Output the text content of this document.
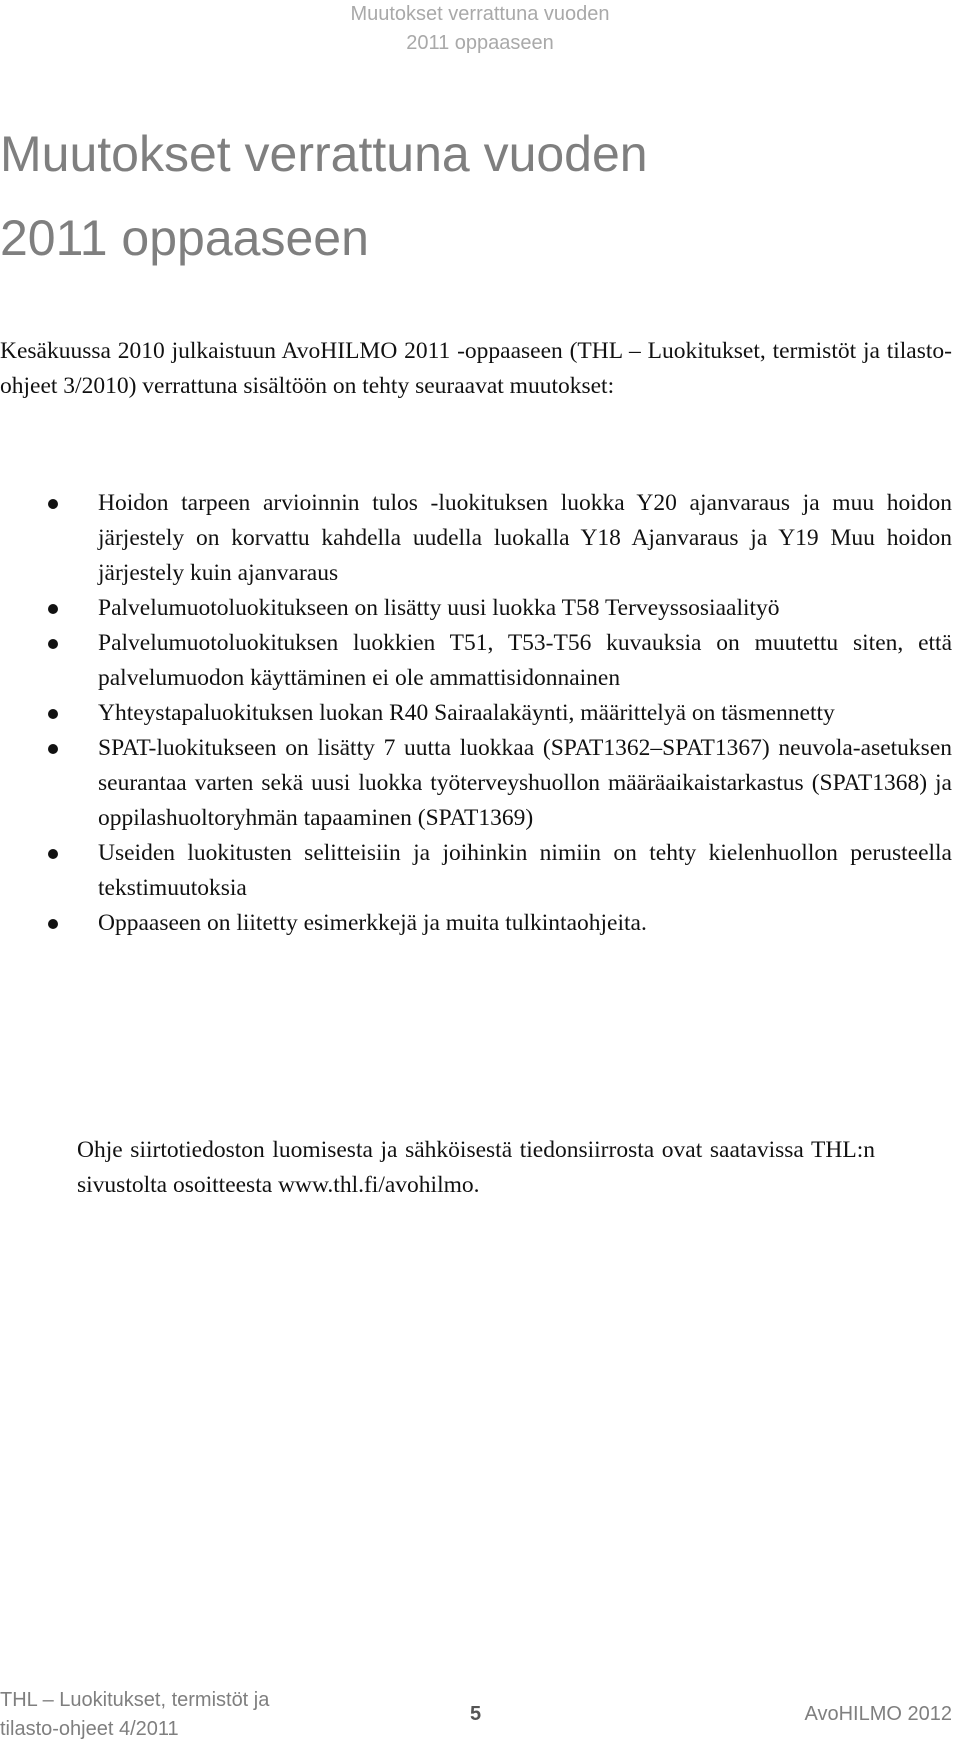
Muutokset verrattuna vuoden
2011 oppaaseen
Muutokset verrattuna vuoden
2011 oppaaseen

Kesäkuussa 2010 julkaistuun AvoHILMO 2011 -oppaaseen (THL – Luokitukset, termistöt ja tilasto-ohjeet 3/2010) verrattuna sisältöön on tehty seuraavat muutokset:

Hoidon tarpeen arvioinnin tulos -luokituksen luokka Y20 ajanvaraus ja muu hoidon järjestely on korvattu kahdella uudella luokalla Y18 Ajanvaraus ja Y19 Muu hoidon järjestely kuin ajanvaraus
Palvelumuotoluokitukseen on lisätty uusi luokka T58 Terveyssosiaalityö
Palvelumuotoluokituksen luokkien T51, T53-T56 kuvauksia on muutettu siten, että palvelumuodon käyttäminen ei ole ammattisidonnainen
Yhteystapaluokituksen luokan R40 Sairaalakäynti, määrittelyä on täsmennetty
SPAT-luokitukseen on lisätty 7 uutta luokkaa (SPAT1362–SPAT1367) neuvola-asetuksen seurantaa varten sekä uusi luokka työterveyshuollon määräaikaistarkastus (SPAT1368) ja oppilashuoltoryhmän tapaaminen (SPAT1369)
Useiden luokitusten selitteisiin ja joihinkin nimiin on tehty kielenhuollon perusteella tekstimuutoksia
Oppaaseen on liitetty esimerkkejä ja muita tulkintaohjeita.

Ohje siirtotiedoston luomisesta ja sähköisestä tiedonsiirrosta ovat saatavissa THL:n sivustolta osoitteesta www.thl.fi/avohilmo.

THL – Luokitukset, termistöt ja
tilasto-ohjeet 4/2011
5	AvoHILMO 2012
